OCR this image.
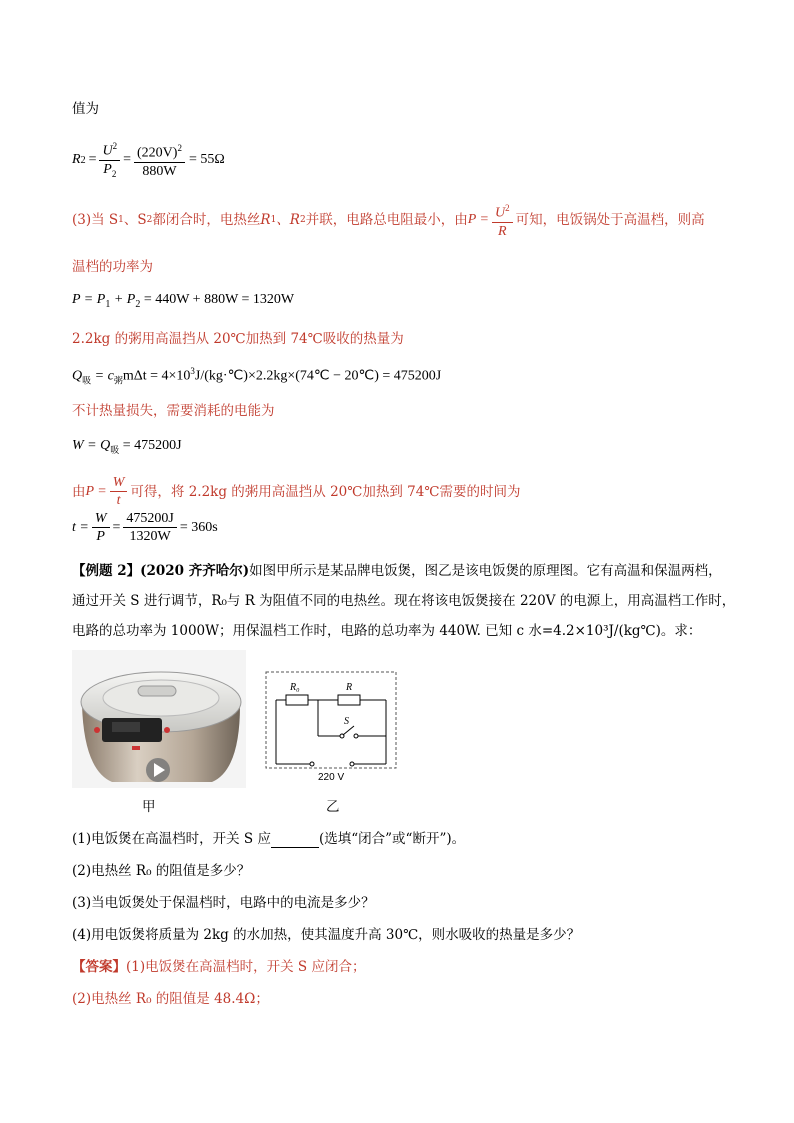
值为
R $2 = \frac{U^2}{P_2} = \frac{(220V)^2}{880W} = 55\Omega$
(3)当 S 1 、S 2 都闭合时，电热丝 R 1 、R 2 并联，电路总电阻最小，由 $P = \frac{U^2}{R}$ 可知，电饭锅处于高温档，则高
温档的功率为
$P = P_1 + P_2 = 440W + 880W = 1320W$
2.2kg 的粥用高温挡从 20℃加热到 74℃吸收的热量为
$Q_吸 = c_粥m\Delta t$ = $4\times 10^3J/(kg\cdot℃)\times 2.2kg\times(74℃$ − 20℃) = 475200J
不计热量损失，需要消耗的电能为
$W = Q_吸 = 475200J$
由 $P = \frac{W}{t}$ 可得，将 2.2kg 的粥用高温挡从 20℃加热到 74℃需要的时间为
$t = \frac{W}{P} = \frac{475200J}{1320W} = 360s$
【例题 2】(2020 齐齐哈尔)如图甲所示是某品牌电饭煲，图乙是该电饭煲的原理图。它有高温和保温两档，
通过开关 S 进行调节，R₀与 R 为阻值不同的电热丝。现在将该电饭煲接在 220V 的电源上，用高温档工作时，
电路的总功率为 1000W；用保温档工作时，电路的总功率为 440W. 已知 c 水=4.2×10³J/(kg℃)。求：
R₀	R
S
220 V
甲	乙
(1)电饭煲在高温档时，开关 S 应	(选填“闭合”或“断开”)。
(2)电热丝 R₀ 的阻值是多少？
(3)当电饭煲处于保温档时，电路中的电流是多少？
(4)用电饭煲将质量为 2kg 的水加热，使其温度升高 30℃，则水吸收的热量是多少？
【答案】(1)电饭煲在高温档时，开关 S 应闭合；
(2)电热丝 R₀ 的阻值是 48.4Ω；
